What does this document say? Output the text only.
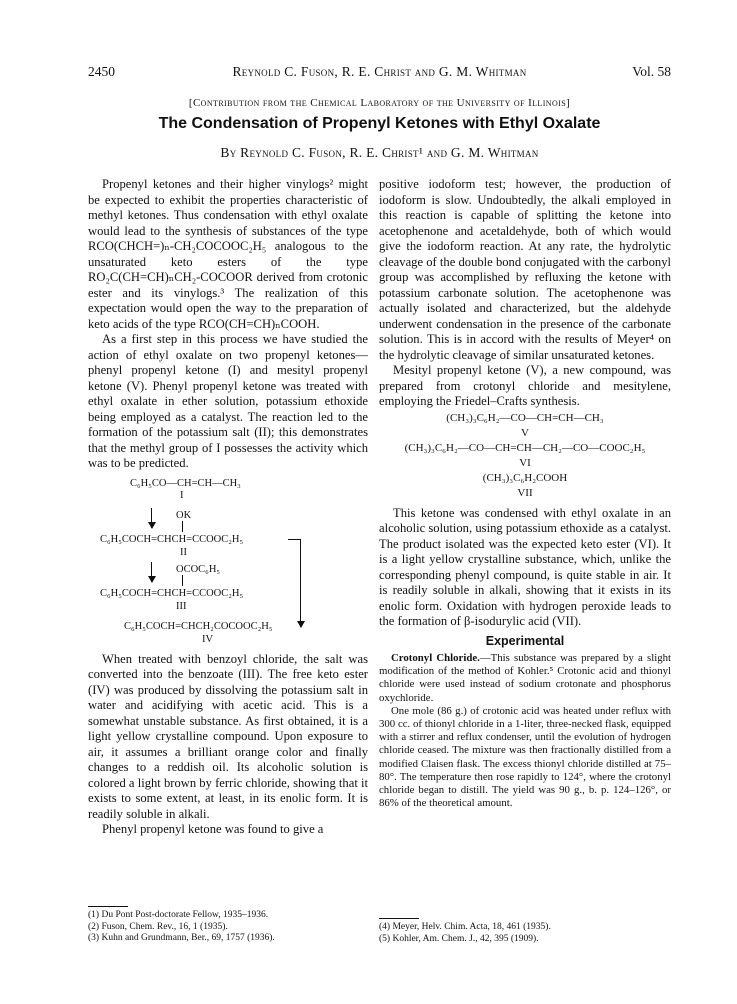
2450	Reynold C. Fuson, R. E. Christ and G. M. Whitman	Vol. 58
[Contribution from the Chemical Laboratory of the University of Illinois]
The Condensation of Propenyl Ketones with Ethyl Oxalate
By Reynold C. Fuson, R. E. Christ¹ and G. M. Whitman

Propenyl ketones and their higher vinylogs² might be expected to exhibit the properties characteristic of methyl ketones. Thus condensation with ethyl oxalate would lead to the synthesis of substances of the type RCO(CHCH=)ₙ-CH₂COCOOC₂H₅ analogous to the unsaturated keto esters of the type RO₂C(CH=CH)ₙCH₂-COCOOR derived from crotonic ester and its vinylogs.³ The realization of this expectation would open the way to the preparation of keto acids of the type RCO(CH=CH)ₙCOOH.

As a first step in this process we have studied the action of ethyl oxalate on two propenyl ketones—phenyl propenyl ketone (I) and mesityl propenyl ketone (V). Phenyl propenyl ketone was treated with ethyl oxalate in ether solution, potassium ethoxide being employed as a catalyst. The reaction led to the formation of the potassium salt (II); this demonstrates that the methyl group of I possesses the activity which was to be predicted.

C₆H₅CO—CH=CH—CH₃
I
OK
C₆H₅COCH=CHCH=CCOOC₂H₅
II
OCOC₆H₅
C₆H₅COCH=CHCH=CCOOC₂H₅
III
C₆H₅COCH=CHCH₂COCOOC₂H₅
IV

When treated with benzoyl chloride, the salt was converted into the benzoate (III). The free keto ester (IV) was produced by dissolving the potassium salt in water and acidifying with acetic acid. This is a somewhat unstable substance. As first obtained, it is a light yellow crystalline compound. Upon exposure to air, it assumes a brilliant orange color and finally changes to a reddish oil. Its alcoholic solution is colored a light brown by ferric chloride, showing that it exists to some extent, at least, in its enolic form. It is readily soluble in alkali.

Phenyl propenyl ketone was found to give a

(1) Du Pont Post-doctorate Fellow, 1935–1936.
(2) Fuson, Chem. Rev., 16, 1 (1935).
(3) Kuhn and Grundmann, Ber., 69, 1757 (1936).

positive iodoform test; however, the production of iodoform is slow. Undoubtedly, the alkali employed in this reaction is capable of splitting the ketone into acetophenone and acetaldehyde, both of which would give the iodoform reaction. At any rate, the hydrolytic cleavage of the double bond conjugated with the carbonyl group was accomplished by refluxing the ketone with potassium carbonate solution. The acetophenone was actually isolated and characterized, but the aldehyde underwent condensation in the presence of the carbonate solution. This is in accord with the results of Meyer⁴ on the hydrolytic cleavage of similar unsaturated ketones.

Mesityl propenyl ketone (V), a new compound, was prepared from crotonyl chloride and mesitylene, employing the Friedel–Crafts synthesis.

(CH₃)₃C₆H₂—CO—CH=CH—CH₃
V
(CH₃)₃C₆H₂—CO—CH=CH—CH₂—CO—COOC₂H₅
VI
(CH₃)₃C₆H₂COOH
VII

This ketone was condensed with ethyl oxalate in an alcoholic solution, using potassium ethoxide as a catalyst. The product isolated was the expected keto ester (VI). It is a light yellow crystalline substance, which, unlike the corresponding phenyl compound, is quite stable in air. It is readily soluble in alkali, showing that it exists in its enolic form. Oxidation with hydrogen peroxide leads to the formation of β-isodurylic acid (VII).

Experimental

Crotonyl Chloride.—This substance was prepared by a slight modification of the method of Kohler.⁵ Crotonic acid and thionyl chloride were used instead of sodium crotonate and phosphorus oxychloride.

One mole (86 g.) of crotonic acid was heated under reflux with 300 cc. of thionyl chloride in a 1-liter, three-necked flask, equipped with a stirrer and reflux condenser, until the evolution of hydrogen chloride ceased. The mixture was then fractionally distilled from a modified Claisen flask. The excess thionyl chloride distilled at 75–80°. The temperature then rose rapidly to 124°, where the crotonyl chloride began to distill. The yield was 90 g., b. p. 124–126°, or 86% of the theoretical amount.

(4) Meyer, Helv. Chim. Acta, 18, 461 (1935).
(5) Kohler, Am. Chem. J., 42, 395 (1909).
